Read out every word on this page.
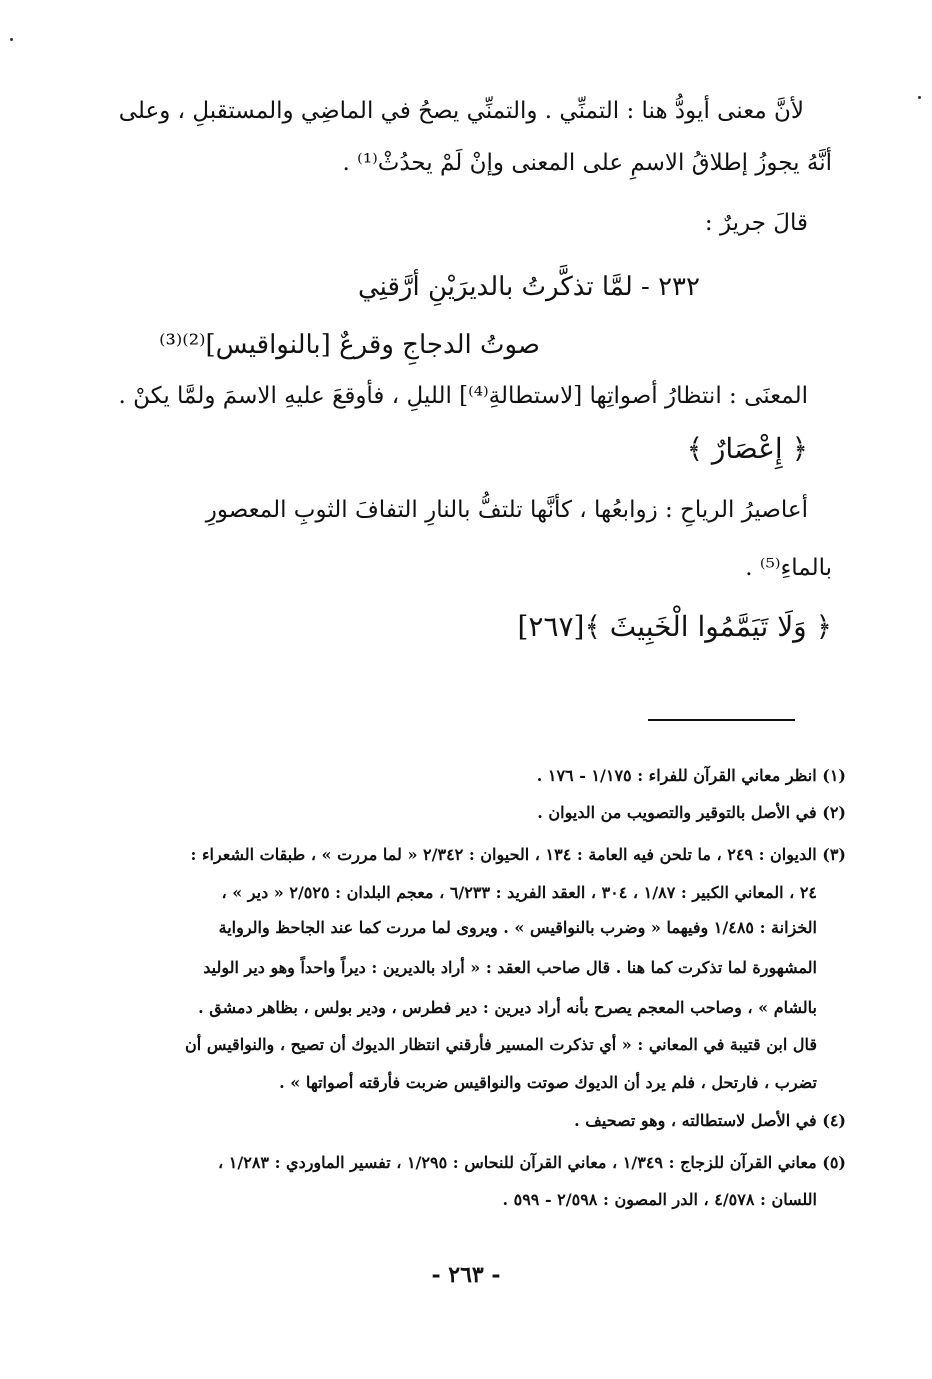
لأنَّ معنى أيودُّ هنا : التمنِّي . والتمنِّي يصحُ في الماضِي والمستقبلِ ، وعلى
أنَّهُ يجوزُ إطلاقُ الاسمِ على المعنى وإنْ لَمْ يحدُثْ⁽¹⁾ .
قالَ جريرٌ :
٢٣٢ - لمَّا تذكَّرتُ بالديرَيْنِ أرَّقنِي
صوتُ الدجاجِ وقرعٌ [بالنواقيس]⁽²⁾⁽³⁾
المعنَى : انتظارُ أصواتِها [لاستطالةِ⁽⁴⁾] الليلِ ، فأوقعَ عليهِ الاسمَ ولمَّا يكنْ .
﴿ إِعْصَارٌ ﴾
أعاصيرُ الرياحِ : زوابعُها ، كأنَّها تلتفُّ بالنارِ التفافَ الثوبِ المعصورِ
بالماءِ⁽⁵⁾ .
﴿ وَلَا تَيَمَّمُوا الْخَبِيثَ ﴾[٢٦٧]
(١) انظر معاني القرآن للفراء : ١/١٧٥ - ١٧٦ .
(٢) في الأصل بالتوقير والتصويب من الديوان .
(٣) الديوان : ٢٤٩ ، ما تلحن فيه العامة : ١٣٤ ، الحيوان : ٢/٣٤٢ « لما مررت » ، طبقات الشعراء :
٢٤ ، المعاني الكبير : ١/٨٧ ، ٣٠٤ ، العقد الفريد : ٦/٢٣٣ ، معجم البلدان : ٢/٥٢٥ « دير » ،
الخزانة : ١/٤٨٥ وفيهما « وضرب بالنواقيس » . ويروى لما مررت كما عند الجاحظ والرواية
المشهورة لما تذكرت كما هنا . قال صاحب العقد : « أراد بالديرين : ديراً واحداً وهو دير الوليد
بالشام » ، وصاحب المعجم يصرح بأنه أراد ديرين : دير فطرس ، ودير بولس ، بظاهر دمشق .
قال ابن قتيبة في المعاني : « أي تذكرت المسير فأرقني انتظار الديوك أن تصيح ، والنواقيس أن
تضرب ، فارتحل ، فلم يرد أن الديوك صوتت والنواقيس ضربت فأرقته أصواتها » .
(٤) في الأصل لاستطالته ، وهو تصحيف .
(٥) معاني القرآن للزجاج : ١/٣٤٩ ، معاني القرآن للنحاس : ١/٢٩٥ ، تفسير الماوردي : ١/٢٨٣ ،
اللسان : ٤/٥٧٨ ، الدر المصون : ٢/٥٩٨ - ٥٩٩ .
- ٢٦٣ -
